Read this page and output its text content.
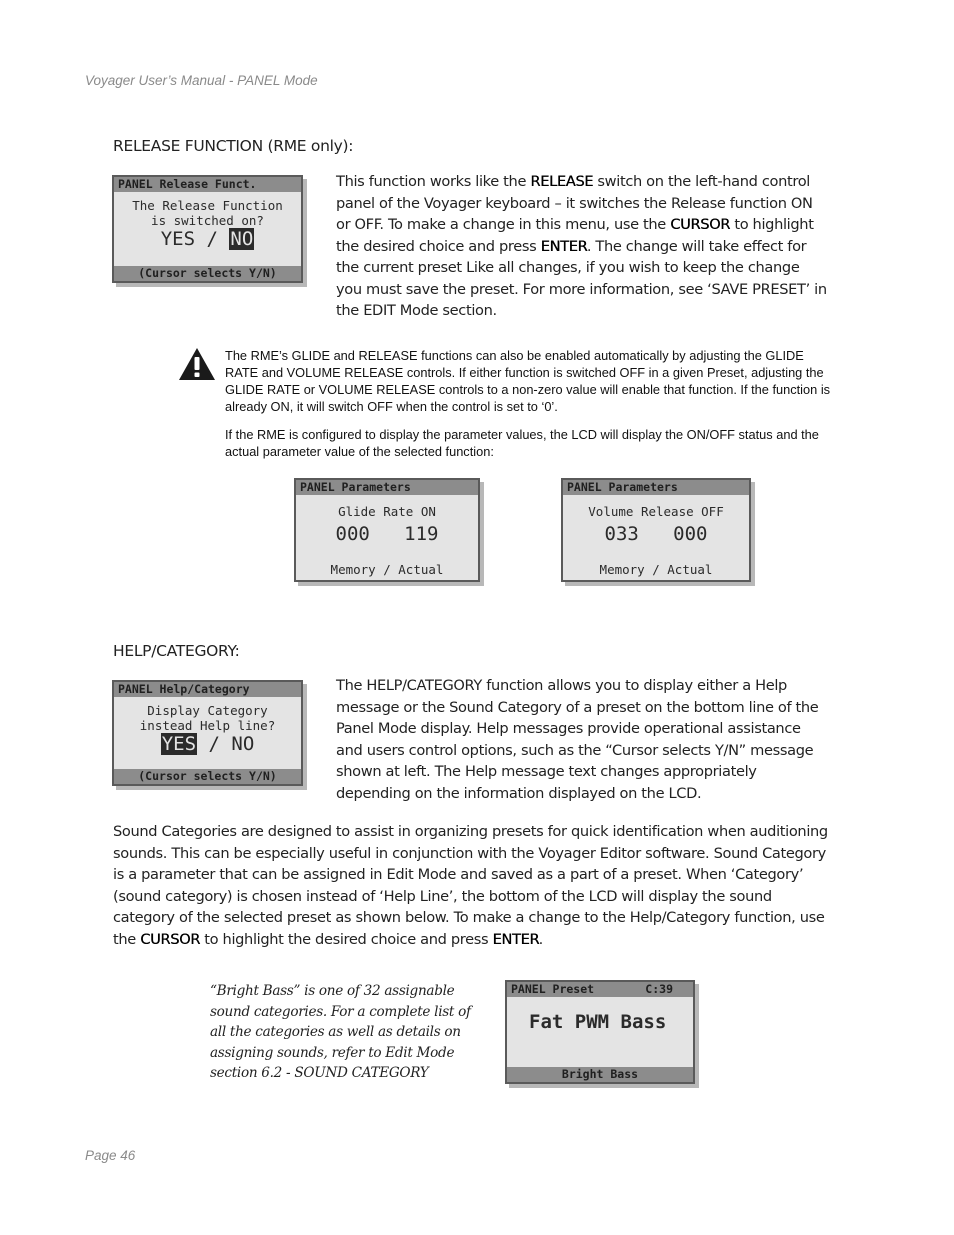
Voyager User’s Manual - PANEL Mode
RELEASE FUNCTION (RME only):
PANEL Release Funct.
The Release Function
is switched on?
YES / NO
(Cursor selects Y/N)
This function works like the RELEASE switch on the left-hand control panel of the Voyager keyboard – it switches the Release function ON or OFF. To make a change in this menu, use the CURSOR to highlight the desired choice and press ENTER. The change will take effect for the current preset Like all changes, if you wish to keep the change you must save the preset. For more information, see ‘SAVE PRESET’ in the EDIT Mode section.
The RME’s GLIDE and RELEASE functions can also be enabled automatically by adjusting the GLIDE RATE and VOLUME RELEASE controls. If either function is switched OFF in a given Preset, adjusting the GLIDE RATE or VOLUME RELEASE controls to a non-zero value will enable that function. If the function is already ON, it will switch OFF when the control is set to ‘0’.
If the RME is configured to display the parameter values, the LCD will display the ON/OFF status and the actual parameter value of the selected function:
PANEL Parameters
Glide Rate ON
000 119
Memory / Actual
PANEL Parameters
Volume Release OFF
033 000
Memory / Actual
HELP/CATEGORY:
PANEL Help/Category
Display Category
instead Help line?
YES / NO
(Cursor selects Y/N)
The HELP/CATEGORY function allows you to display either a Help message or the Sound Category of a preset on the bottom line of the Panel Mode display. Help messages provide operational assistance and users control options, such as the “Cursor selects Y/N” message shown at left. The Help message text changes appropriately depending on the information displayed on the LCD.
Sound Categories are designed to assist in organizing presets for quick identification when auditioning sounds. This can be especially useful in conjunction with the Voyager Editor software. Sound Category is a parameter that can be assigned in Edit Mode and saved as a part of a preset. When ‘Category’ (sound category) is chosen instead of ‘Help Line’, the bottom of the LCD will display the sound category of the selected preset as shown below. To make a change to the Help/Category function, use the CURSOR to highlight the desired choice and press ENTER.
“Bright Bass” is one of 32 assignable sound categories. For a complete list of all the categories as well as details on assigning sounds, refer to Edit Mode section 6.2 - SOUND CATEGORY
PANEL Preset	C:39
Fat PWM Bass
Bright Bass
Page 46
